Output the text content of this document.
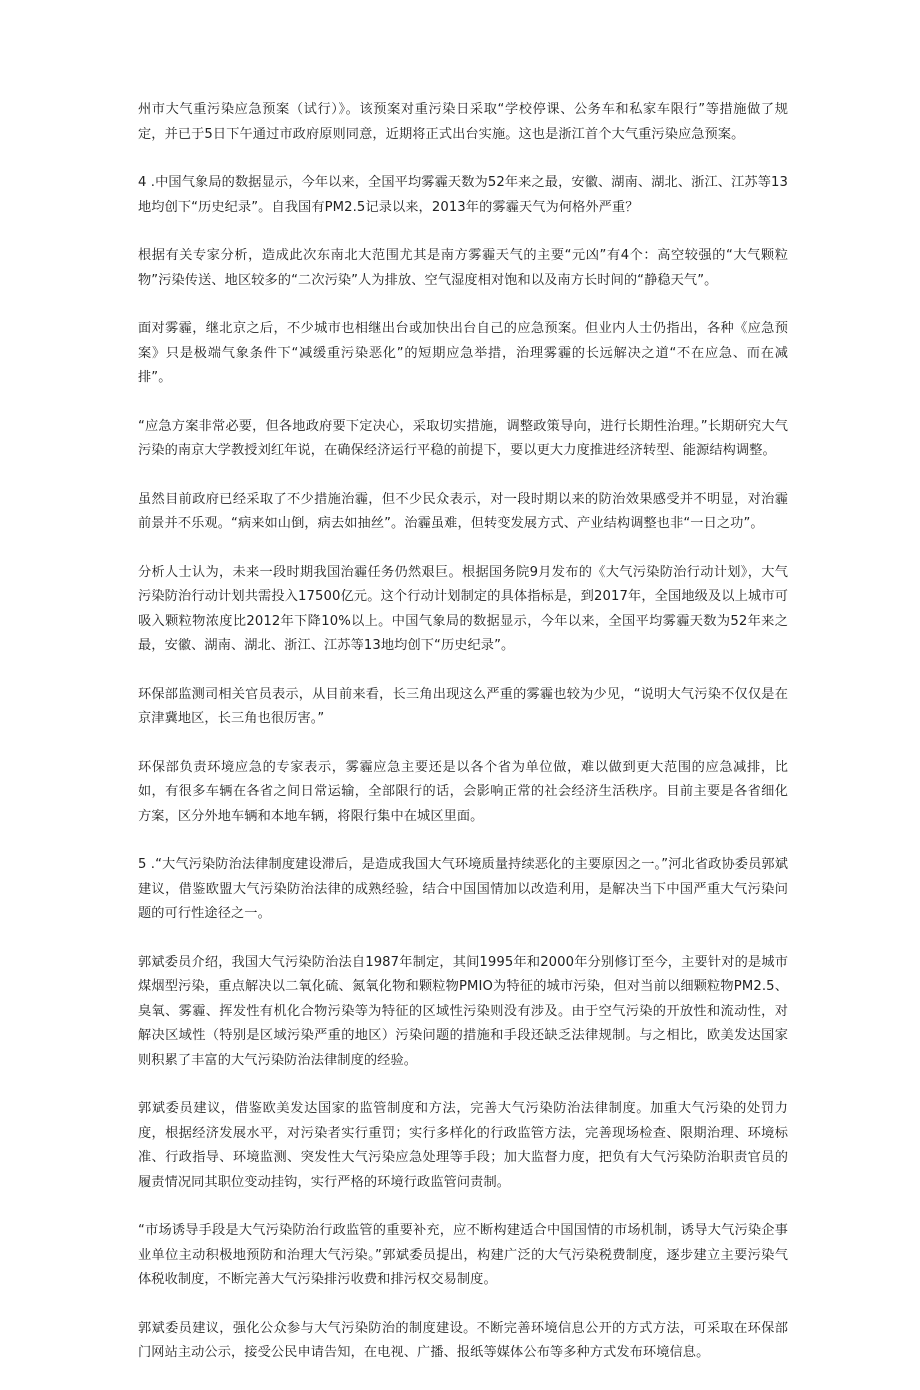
州市大气重污染应急预案（试行）》。该预案对重污染日采取“学校停课、公务车和私家车限行”等措施做了规定，并已于5日下午通过市政府原则同意，近期将正式出台实施。这也是浙江首个大气重污染应急预案。

4 .中国气象局的数据显示，今年以来，全国平均雾霾天数为52年来之最，安徽、湖南、湖北、浙江、江苏等13地均创下“历史纪录”。自我国有PM2.5记录以来，2013年的雾霾天气为何格外严重？

根据有关专家分析，造成此次东南北大范围尤其是南方雾霾天气的主要“元凶”有4个：高空较强的“大气颗粒物”污染传送、地区较多的“二次污染”人为排放、空气湿度相对饱和以及南方长时间的“静稳天气”。

面对雾霾，继北京之后，不少城市也相继出台或加快出台自己的应急预案。但业内人士仍指出，各种《应急预案》只是极端气象条件下“减缓重污染恶化”的短期应急举措，治理雾霾的长远解决之道“不在应急、而在减排”。

“应急方案非常必要，但各地政府要下定决心，采取切实措施，调整政策导向，进行长期性治理。”长期研究大气污染的南京大学教授刘红年说，在确保经济运行平稳的前提下，要以更大力度推进经济转型、能源结构调整。

虽然目前政府已经采取了不少措施治霾，但不少民众表示，对一段时期以来的防治效果感受并不明显，对治霾前景并不乐观。“病来如山倒，病去如抽丝”。治霾虽难，但转变发展方式、产业结构调整也非“一日之功”。

分析人士认为，未来一段时期我国治霾任务仍然艰巨。根据国务院9月发布的《大气污染防治行动计划》，大气污染防治行动计划共需投入17500亿元。这个行动计划制定的具体指标是，到2017年，全国地级及以上城市可吸入颗粒物浓度比2012年下降10%以上。中国气象局的数据显示，今年以来，全国平均雾霾天数为52年来之最，安徽、湖南、湖北、浙江、江苏等13地均创下“历史纪录”。

环保部监测司相关官员表示，从目前来看，长三角出现这么严重的雾霾也较为少见，“说明大气污染不仅仅是在京津冀地区，长三角也很厉害。”

环保部负责环境应急的专家表示，雾霾应急主要还是以各个省为单位做，难以做到更大范围的应急减排，比如，有很多车辆在各省之间日常运输，全部限行的话，会影响正常的社会经济生活秩序。目前主要是各省细化方案，区分外地车辆和本地车辆，将限行集中在城区里面。

5 .“大气污染防治法律制度建设滞后，是造成我国大气环境质量持续恶化的主要原因之一。”河北省政协委员郭斌建议，借鉴欧盟大气污染防治法律的成熟经验，结合中国国情加以改造利用，是解决当下中国严重大气污染问题的可行性途径之一。

郭斌委员介绍，我国大气污染防治法自1987年制定，其间1995年和2000年分别修订至今，主要针对的是城市煤烟型污染，重点解决以二氧化硫、氮氧化物和颗粒物PMIO为特征的城市污染，但对当前以细颗粒物PM2.5、臭氧、雾霾、挥发性有机化合物污染等为特征的区域性污染则没有涉及。由于空气污染的开放性和流动性，对解决区域性（特别是区域污染严重的地区）污染问题的措施和手段还缺乏法律规制。与之相比，欧美发达国家则积累了丰富的大气污染防治法律制度的经验。

郭斌委员建议，借鉴欧美发达国家的监管制度和方法，完善大气污染防治法律制度。加重大气污染的处罚力度，根据经济发展水平，对污染者实行重罚；实行多样化的行政监管方法，完善现场检查、限期治理、环境标准、行政指导、环境监测、突发性大气污染应急处理等手段；加大监督力度，把负有大气污染防治职责官员的履责情况同其职位变动挂钩，实行严格的环境行政监管问责制。

“市场诱导手段是大气污染防治行政监管的重要补充，应不断构建适合中国国情的市场机制，诱导大气污染企事业单位主动积极地预防和治理大气污染。”郭斌委员提出，构建广泛的大气污染税费制度，逐步建立主要污染气体税收制度，不断完善大气污染排污收费和排污权交易制度。

郭斌委员建议，强化公众参与大气污染防治的制度建设。不断完善环境信息公开的方式方法，可采取在环保部门网站主动公示，接受公民申请告知，在电视、广播、报纸等媒体公布等多种方式发布环境信息。
